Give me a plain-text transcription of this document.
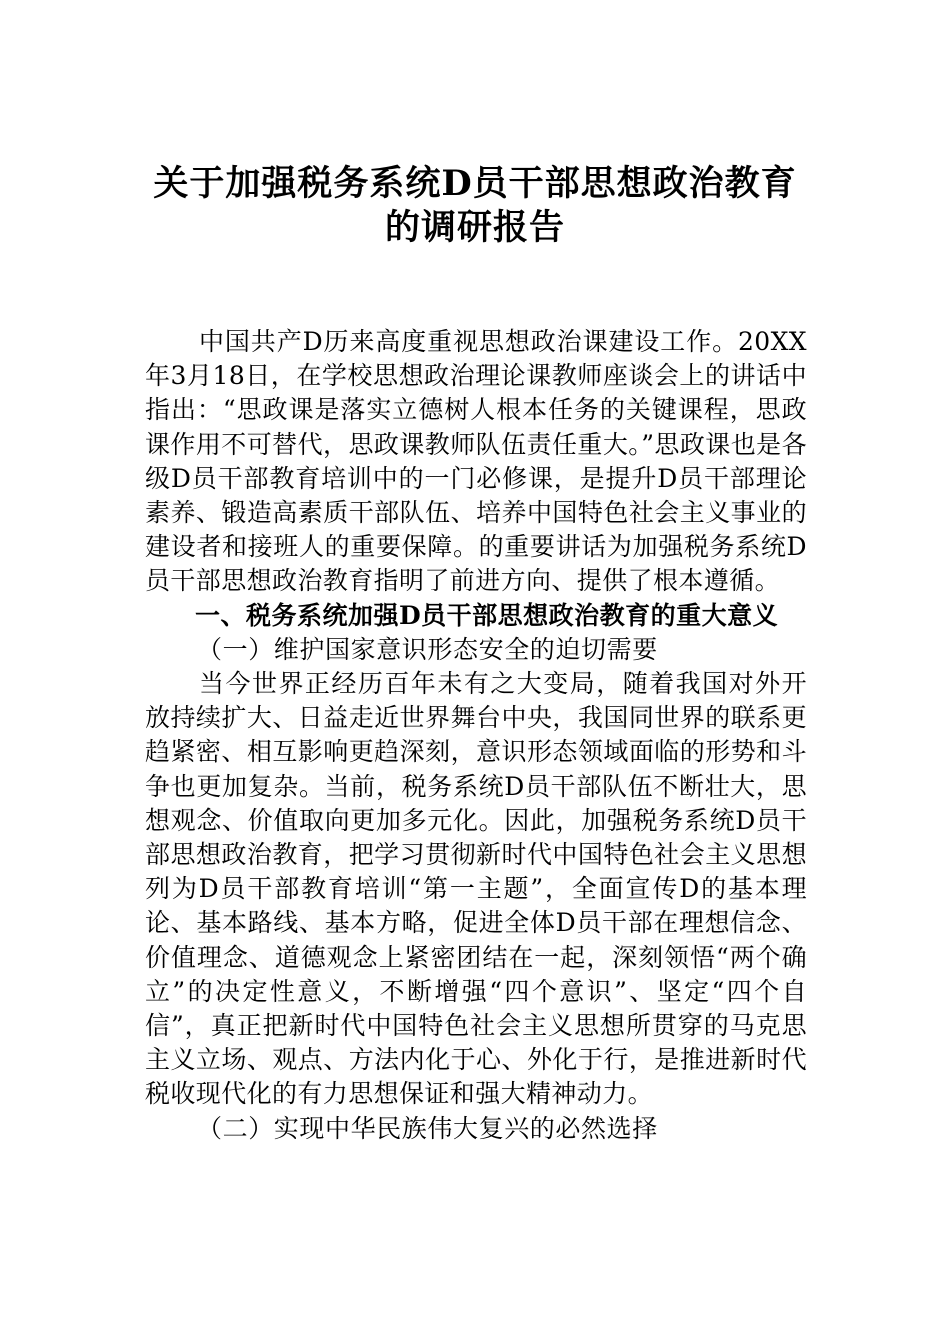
关于加强税务系统D员干部思想政治教育
的调研报告

中国共产D历来高度重视思想政治课建设工作。20XX年3月18日，在学校思想政治理论课教师座谈会上的讲话中指出：“思政课是落实立德树人根本任务的关键课程，思政课作用不可替代，思政课教师队伍责任重大。”思政课也是各级D员干部教育培训中的一门必修课，是提升D员干部理论素养、锻造高素质干部队伍、培养中国特色社会主义事业的建设者和接班人的重要保障。的重要讲话为加强税务系统D员干部思想政治教育指明了前进方向、提供了根本遵循。

一、税务系统加强D员干部思想政治教育的重大意义

（一）维护国家意识形态安全的迫切需要

当今世界正经历百年未有之大变局，随着我国对外开放持续扩大、日益走近世界舞台中央，我国同世界的联系更趋紧密、相互影响更趋深刻，意识形态领域面临的形势和斗争也更加复杂。当前，税务系统D员干部队伍不断壮大，思想观念、价值取向更加多元化。因此，加强税务系统D员干部思想政治教育，把学习贯彻新时代中国特色社会主义思想列为D员干部教育培训“第一主题”，全面宣传D的基本理论、基本路线、基本方略，促进全体D员干部在理想信念、价值理念、道德观念上紧密团结在一起，深刻领悟“两个确立”的决定性意义，不断增强“四个意识”、坚定“四个自信”，真正把新时代中国特色社会主义思想所贯穿的马克思主义立场、观点、方法内化于心、外化于行，是推进新时代税收现代化的有力思想保证和强大精神动力。

（二）实现中华民族伟大复兴的必然选择
